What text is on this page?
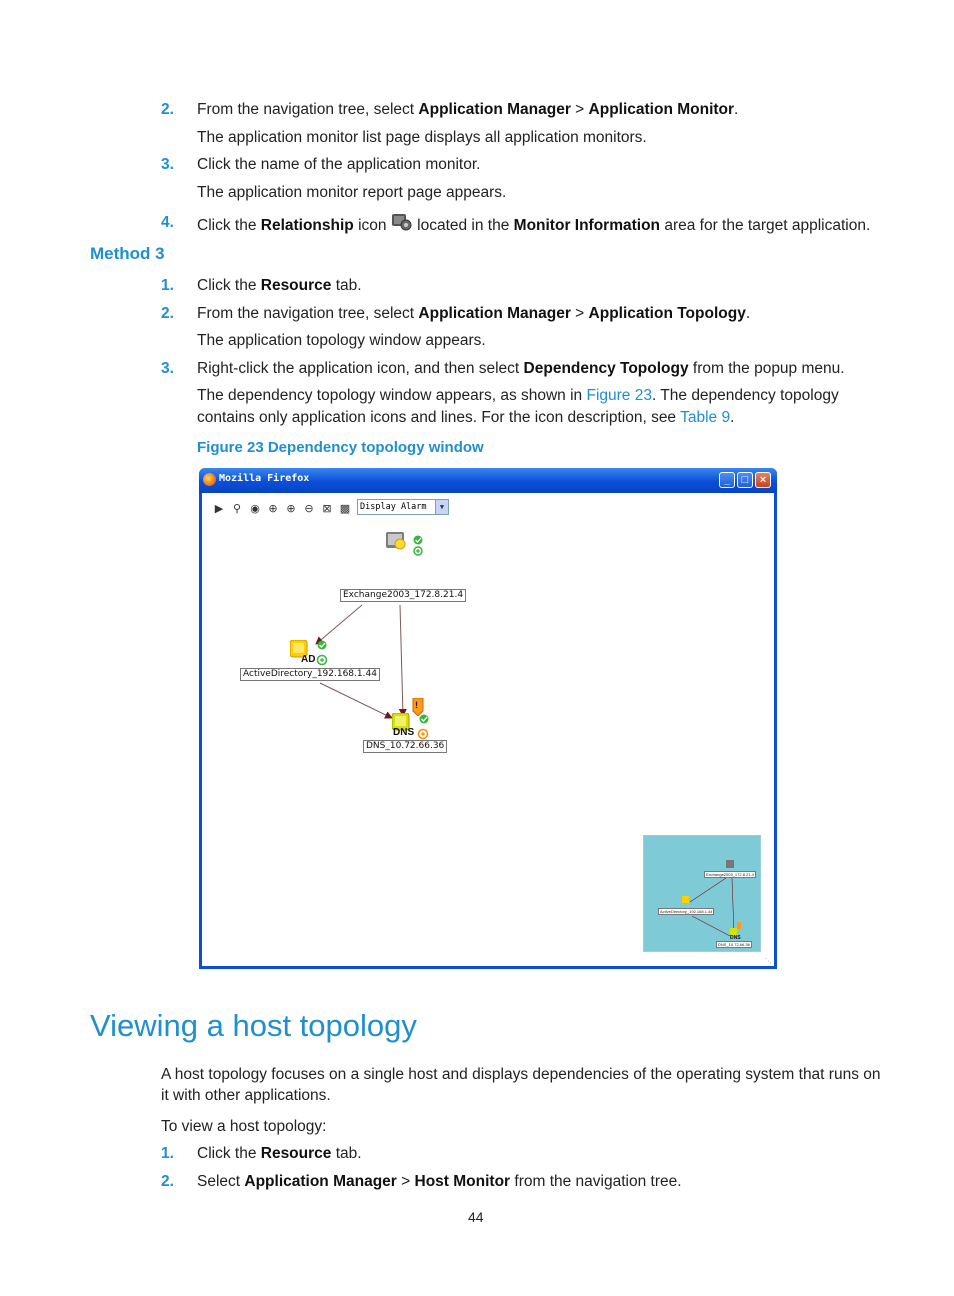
2. From the navigation tree, select Application Manager > Application Monitor.
The application monitor list page displays all application monitors.
3. Click the name of the application monitor.
The application monitor report page appears.
4. Click the Relationship icon  located in the Monitor Information area for the target application.
Method 3
1. Click the Resource tab.
2. From the navigation tree, select Application Manager > Application Topology.
The application topology window appears.
3. Right-click the application icon, and then select Dependency Topology from the popup menu.
The dependency topology window appears, as shown in Figure 23. The dependency topology
contains only application icons and lines. For the icon description, see Table 9.
Figure 23 Dependency topology window
Mozilla Firefox	_	□	×
▶ ⚲ ◉ ⊕ ⊕ ⊖ ⊠ ▩	Display Alarm	▼
Exchange2003_172.8.21.4
AD
ActiveDirectory_192.168.1.44
!
DNS
DNS_10.72.66.36
Exchange2003_172.8.21.4
ActiveDirectory_192.168.1.44
DNS
DNS_10.72.66.36
⋱
Viewing a host topology
A host topology focuses on a single host and displays dependencies of the operating system that runs on
it with other applications.
To view a host topology:
1. Click the Resource tab.
2. Select Application Manager > Host Monitor from the navigation tree.
44
